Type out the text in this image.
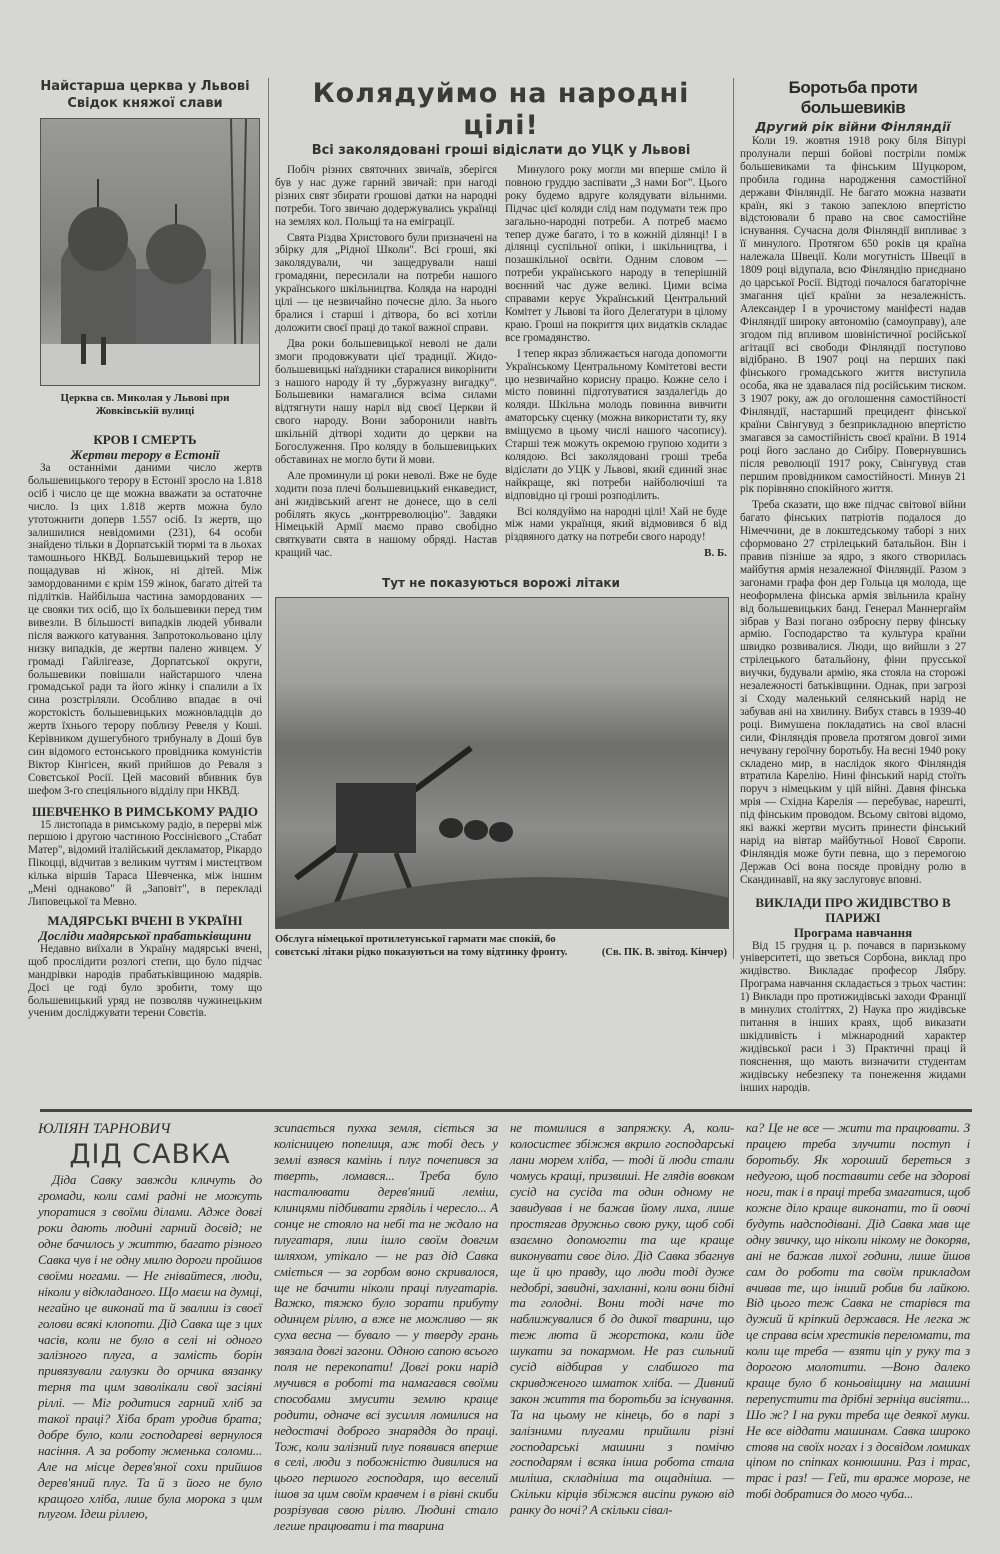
Найстарша церква у Львові
Свідок княжої слави
Церква св. Миколая у Львові при Жовківській вулиці
КРОВ І СМЕРТЬ
Жертви терору в Естонії

За останніми даними число жертв большевицького терору в Естонії зросло на 1.818 осіб і число це ще можна вважати за остаточне число. Із цих 1.818 жертв можна було утотожнити доперв 1.557 осіб. Із жертв, що залишилися невідомими (231), 64 особи знайдено тільки в Дорпатській тюрмі та в льохах тамошнього НКВД. Большевицький терор не пощадував ні жінок, ні дітей. Між замордованими є крім 159 жінок, багато дітей та підлітків. Найбільша частина замордованих — це свояки тих осіб, що їх большевики перед тим вивезли. В більшості випадків людей убивали після важкого катування. Запротокольовано цілу низку випадків, де жертви палено живцем. У громаді Гайлігеазе, Дорпатської округи, большевики повішали найстаршого члена громадської ради та його жінку і спалили а їх сина розстріляли. Особливо впадає в очі жорстокість большевицьких можновладців до жертв їхнього терору поблизу Ревеля у Коші. Керівником душегубного трибуналу в Доші був син відомого естонського провідника комуністів Віктор Кінгісен, який прийшов до Реваля з Совєтської Росії. Цей масовий вбивник був шефом 3-го спеціяльного відділу при НКВД.

ШЕВЧЕНКО В РИМСЬКОМУ РАДІО

15 листопада в римському радіо, в перерві між першою і другою частиною Россінієвого „Стабат Матер", відомий італійський декламатор, Рікардо Пікоцці, відчитав з великим чуттям і мистецтвом кілька віршів Тараса Шевченка, між іншим „Мені однаково" й „Заповіт", в перекладі Липовецької та Мевно.

МАДЯРСЬКІ ВЧЕНІ В УКРАЇНІ
Досліди мадярської прабатьківщини

Недавно виїхали в Україну мадярські вчені, щоб прослідити розлогі степи, що було підчас мандрівки народів прабатьківщиною мадярів. Досі це годі було зробити, тому що большевицький уряд не позволяв чужинецьким ученим досліджувати терени Совєтів.

Колядуймо на народні цілі!
Всі заколядовані гроші відіслати до УЦК у Львові

Побіч різних святочних звичаїв, зберігся був у нас дуже гарний звичай: при нагоді різних свят збирати грошові датки на народні потреби. Того звичаю додержувались українці на землях кол. Польщі та на еміграції.

Свята Різдва Христового були призначені на збірку для „Рідної Школи". Всі гроші, які заколядували, чи защедрували наші громадяни, пересилали на потреби нашого українського шкільництва. Коляда на народні цілі — це незвичайно почесне діло. За нього бралися і старші і дітвора, бо всі хотіли доложити своєї праці до такої важної справи.

Два роки большевицької неволі не дали змоги продовжувати цієї традиції. Жидо-большевицькі наїздники старалися викорінити з нашого народу й ту „буржуазну вигадку". Большевики намагалися всіма силами відтягнути нашу наріл від своєї Церкви й свого народу. Вони заборонили навіть шкільній дітворі ходити до церкви на Богослуження. Про коляду в большевицьких обставинах не могло бути й мови.

Але проминули ці роки неволі. Вже не буде ходити поза плечі большевицький енкаведист, ані жидівський агент не донесе, що в селі робілять якусь „контрреволюцію". Завдяки Німецькій Армії маємо право свобідно святкувати свята в нашому обряді. Настав кращий час.

Минулого року могли ми вперше сміло й повною груддю заспівати „З нами Бог". Цього року будемо вдруге колядувати вільними. Підчас цієї коляди слід нам подумати теж про загально-народні потреби. А потреб маємо тепер дуже багато, і то в кожній ділянці! І в ділянці суспільної опіки, і шкільництва, і позашкільної освіти. Одним словом — потреби українського народу в теперішній воєнний час дуже великі. Цими всіма справами керує Український Центральний Комітет у Львові та його Делегатури в цілому краю. Гроші на покриття цих видатків складає все громадянство.

І тепер якраз зближається нагода допомогти Українському Центральному Комітетові вести цю незвичайно корисну працю. Кожне село і місто повинні підготуватися заздалегідь до коляди. Шкільна молодь повинна вивчити аматорську сценку (можна використати ту, яку вміщуємо в цьому числі нашого часопису). Старші теж можуть окремою групою ходити з колядою. Всі заколядовані гроші треба відіслати до УЦК у Львові, який єдиний знає найкраще, які потреби найболючіші та відповідно ці гроші розподілить.

Всі колядуймо на народні цілі! Хай не буде між нами українця, який відмовився б від різдвяного датку на потреби свого народу!

В. Б.
Тут не показуються ворожі літаки
Обслуга німецької протилетунської гармати має спокій, бо совєтські літаки рідко показуються на тому відтинку фронту.	(Св. ПК. В. звітод. Кінчер)
Боротьба проти большевиків
Другий рік війни Фінляндії

Коли 19. жовтня 1918 року біля Віпурі пролунали перші бойові постріли поміж большевиками та фінським Шуцкором, пробила година народження самостійної держави Фінляндії. Не багато можна назвати країн, які з такою запеклою впертістю відстоювали б право на своє самостійне існування. Сучасна доля Фінляндії випливає з її минулого. Протягом 650 років ця країна належала Швеції. Коли могутність Швеції в 1809 році відупала, всю Фінляндію приєднано до царської Росії. Відтоді почалося багаторічне змагання цієї країни за незалежність. Александер І в урочистому маніфесті надав Фінляндії широку автономію (самоуправу), але згодом під впливом шовіністичної російської агітації всі свободи Фінляндії поступово відібрано. В 1907 році на перших пакі фінського громадського життя виступила особа, яка не здавалася під російським тиском. З 1907 року, аж до оголошення самостійності Фінляндії, настарший прецидент фінської країни Свінгувуд з безприкладною впертістю змагався за самостійність своєї країни. В 1914 році його заслано до Сибіру. Повернувшись після революції 1917 року, Свінгувуд став першим провідником самостійності. Минув 21 рік порівняно спокійного життя.

Треба сказати, що вже підчас світової війни багато фінських патріотів подалося до Німеччини, де в локштедському таборі з них сформовано 27 стрілецький батальйон. Він і правив пізніше за ядро, з якого створилась майбутня армія незалежної Фінляндії. Разом з загонами графа фон дер Гольца ця молода, ще неоформлена фінська армія звільнила країну від большевицьких банд. Генерал Маннергайм зібрав у Вазі погано озброєну перву фінську армію. Господарство та культура країни швидко розвивалися. Люди, що вийшли з 27 стрілецького батальйону, фіни прусської виучки, будували армію, яка стояла на сторожі незалежності батьківщини. Однак, при загрозі зі Сходу маленький селянський нарід не забував ані на хвилину. Вибух ставсь в 1939-40 році. Вимушена покладатись на свої власні сили, Фінляндія провела протягом довгої зими нечувану героїчну боротьбу. На весні 1940 року складено мир, в наслідок якого Фінляндія втратила Карелію. Нині фінський нарід стоїть поруч з німецьким у цій війні. Давня фінська мрія — Східна Карелія — перебуває, нарешті, під фінським проводом. Всьому світові відомо, які важкі жертви мусить принести фінський нарід на вівтар майбутньої Нової Європи. Фінляндія може бути певна, що з перемогою Держав Осі вона посяде провідну ролю в Скандинавії, на яку заслуговує вповні.

ВИКЛАДИ ПРО ЖИДІВСТВО В ПАРИЖІ
Програма навчання

Від 15 грудня ц. р. почався в паризькому університеті, що зветься Сорбона, виклад про жидівство. Викладає професор Лябру. Програма навчання складається з трьох частин: 1) Виклади про протижидівські заходи Франції в минулих століттях, 2) Наука про жидівське питання в інших краях, щоб виказати шкідливість і міжнародний характер жидівської раси і 3) Практичні праці й пояснення, що мають визначити студентам жидівську небезпеку та понеження жидами інших народів.

ЮЛІЯН ТАРНОВИЧ
ДІД САВКА

Діда Савку завжди кличуть до громади, коли самі радні не можуть упоратися з своїми ділами. Адже довгі роки дають людині гарний досвід; не одне бачилось у життю, багато різного Савка чув і не одну милю дороги пройшов своїми ногами. — Не гнівайтеся, люди, ніколи у відкладаного. Що маєш на думці, негайно це виконай та й звалиш із своєї голови всякі клопоти. Дід Савка ще з цих часів, коли не було в селі ні одного залізного плуга, а замість борін привязували галузки до орчика вязанку терня та цим заволікали свої засіяні ріллі. — Міг родитися гарний хліб за такої праці? Хіба брат уродив брата; добре було, коли господареві вернулося насіння. А за роботу жменька соломи... Але на місце дерев'яної сохи прийшов дерев'яний плуг. Та й з його не було кращого хліба, лише була морока з цим плугом. Ідеш ріллею,

зсипається пухка земля, сіється за колісницею попелиця, аж тобі десь у землі взявся камінь і плуг почепився за тверть, ломався... Треба було насталювати дерев'яний леміш, клинцями підбивати гряділь і чересло... А сонце не стояло на небі та не ждало на плугатаря, лиш ішло своїм довгим шляхом, утікало — не раз дід Савка сміється — за горбом воно скривалося, ще не бачити ніколи праці плугатарів. Важко, тяжко було зорати прибуту одинцем ріллю, а вже не можливо — як суха весна — бувало — у тверду грань звязала довгі загони. Одною сапою всього поля не перекопати! Довгі роки нарід мучився в роботі та намагався своїми способами змусити землю краще родити, одначе всі зусилля ломилися на недостачі доброго знаряддя до праці. Тож, коли залізний плуг появився вперше в селі, люди з побожністю дивилися на цього першого господаря, що веселий ішов за цим своїм кравчем і в рівні скиби розрізував свою ріллю. Людині стало легше працювати і та тварина

не томилися в запряжку. А, коли-колосистеє збіжжя вкрило господарські лани морем хліба, — тоді й люди стали чомусь кращі, призвиші. Не глядів вовком сусід на сусіда та один одному не завидував і не бажав йому лиха, лише простягав дружньо свою руку, щоб собі взаємно допомогти та ще краще виконувати своє діло. Дід Савка збагнув ще й цю правду, що люди тоді дуже недобрі, завидні, захланні, коли вони бідні та голодні. Вони тоді наче то наближувалися б до дикої тварини, що теж люта й жорстока, коли йде шукати за покармом. Не раз сильний сусід відбирав у слабшого та скривдженого шматок хліба. — Дивний закон життя та боротьби за існування. Та на цьому не кінець, бо в парі з залізними плугами прийшли різні господарські машини з помічю господарям і всяка інша робота стала миліша, складніша та ощадніша. — Скільки кірців збіжжя висіпи рукою від ранку до ночі? А скільки сівал-

ка? Це не все — жити та працювати. З працею треба злучити поступ і боротьбу. Як хороший береться з недугою, щоб поставити себе на здорові ноги, так і в праці треба змагатися, щоб кожне діло краще виконати, то й овочі будуть надсподівані. Дід Савка мав ще одну звичку, що ніколи нікому не докоряв, ані не бажав лихої години, лише йшов сам до роботи та своїм прикладом вчивав те, що інший робив би лайкою. Від цього теж Савка не старівся та дужий й кріпкий держався. Не легка ж це справа всім хрестиків переломати, та коли ще треба — взяти ціп у руку та з дорогою молотити. —Воно далеко краще було б коньовіщину на машині перепустити та дрібні зерніца висіяти... Шо ж? І на руки треба ще деякої муки. Не все віддати машинам. Савка широко стояв на своїх ногах і з досвідом ломиках ціпом по спіпках конюшини. Раз і трас, трас і раз! — Гей, ти враже морозе, не тобі добратися до мого чуба...
